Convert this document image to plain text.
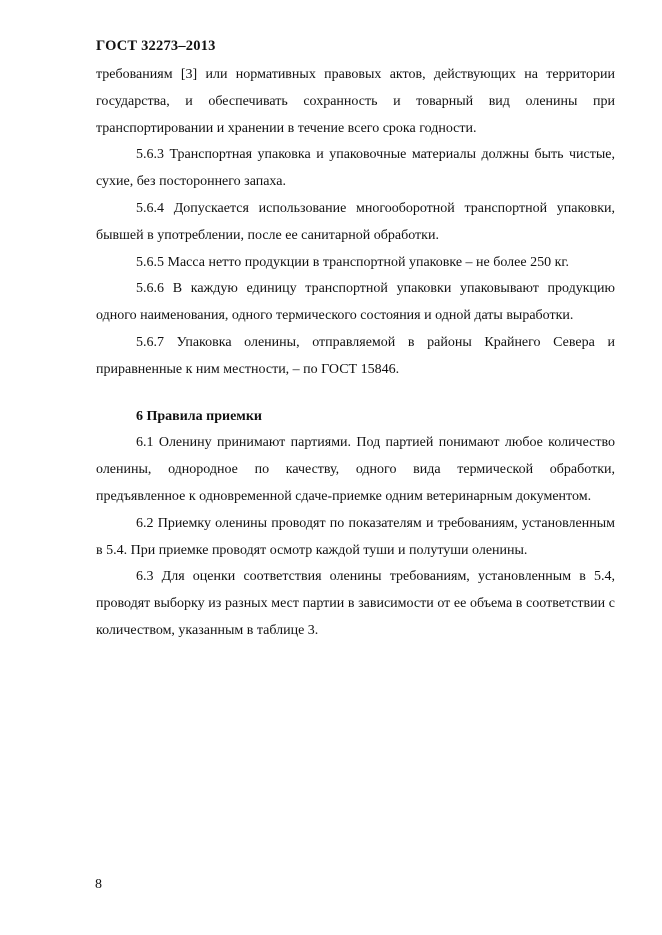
ГОСТ 32273–2013

требованиям [3] или нормативных правовых актов, действующих на территории государства, и обеспечивать сохранность и товарный вид оленины при транспортировании и хранении в течение всего срока годности.

5.6.3 Транспортная упаковка и упаковочные материалы должны быть чистые, сухие, без постороннего запаха.

5.6.4 Допускается использование многооборотной транспортной упаковки, бывшей в употреблении, после ее санитарной обработки.

5.6.5 Масса нетто продукции в транспортной упаковке – не более 250 кг.

5.6.6 В каждую единицу транспортной упаковки упаковывают продукцию одного наименования, одного термического состояния и одной даты выработки.

5.6.7 Упаковка оленины, отправляемой в районы Крайнего Севера и приравненные к ним местности, – по ГОСТ 15846.

6 Правила приемки

6.1 Оленину принимают партиями. Под партией понимают любое количество оленины, однородное по качеству, одного вида термической обработки, предъявленное к одновременной сдаче-приемке одним ветеринарным документом.

6.2 Приемку оленины проводят по показателям и требованиям, установленным в 5.4. При приемке проводят осмотр каждой туши и полутуши оленины.

6.3 Для оценки соответствия оленины требованиям, установленным в 5.4, проводят выборку из разных мест партии в зависимости от ее объема в соответствии с количеством, указанным в таблице 3.

8
